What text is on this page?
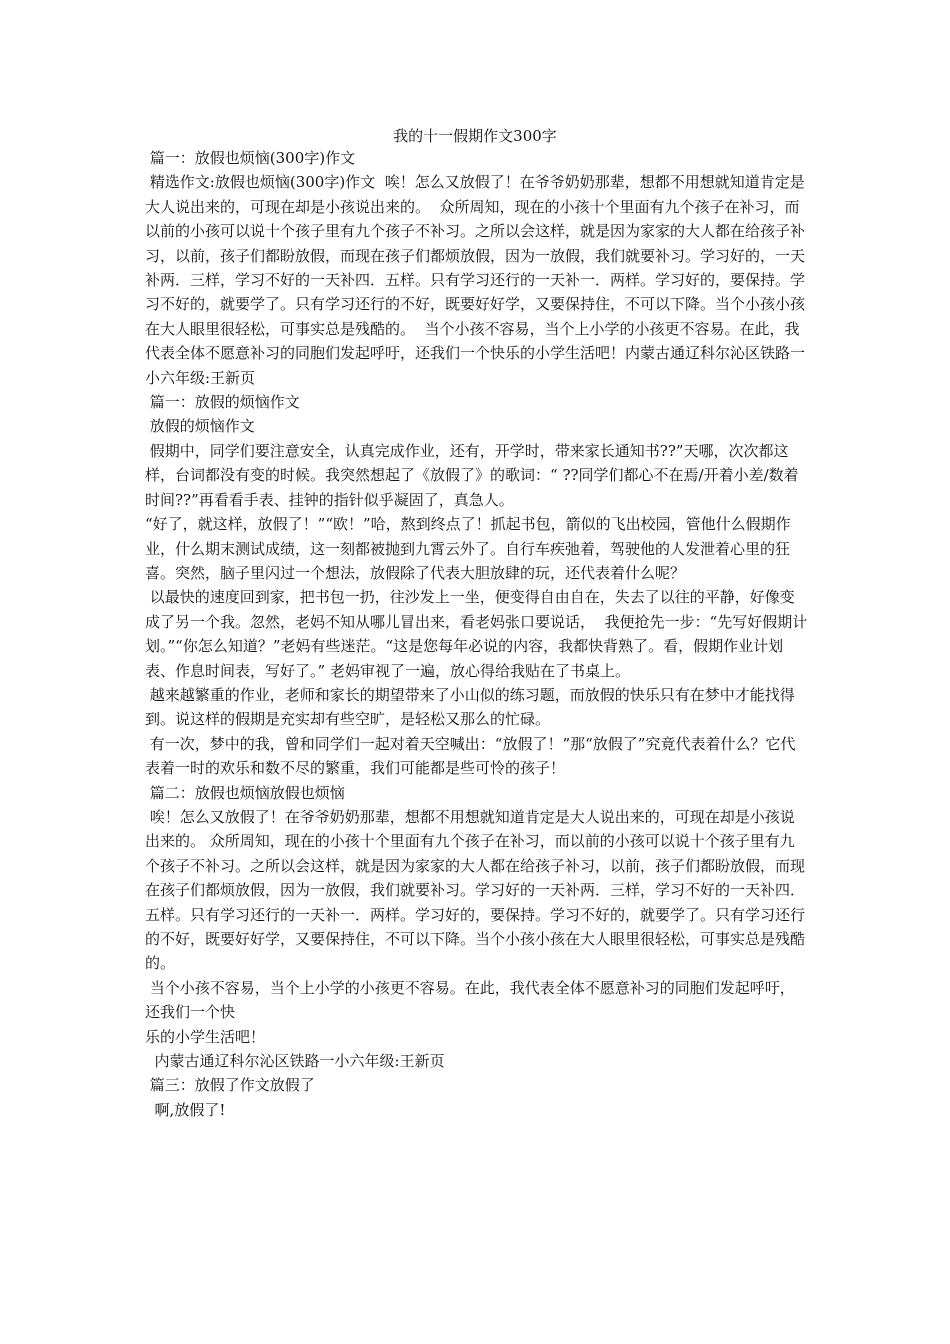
我的十一假期作文300字

篇一：放假也烦恼(300字)作文

精选作文:放假也烦恼(300字)作文  唉！怎么又放假了！在爷爷奶奶那辈，想都不用想就知道肯定是大人说出来的，可现在却是小孩说出来的。  众所周知，现在的小孩十个里面有九个孩子在补习，而以前的小孩可以说十个孩子里有九个孩子不补习。之所以会这样，就是因为家家的大人都在给孩子补习，以前，孩子们都盼放假，而现在孩子们都烦放假，因为一放假，我们就要补习。学习好的，一天补两．三样，学习不好的一天补四．五样。只有学习还行的一天补一．两样。学习好的，要保持。学习不好的，就要学了。只有学习还行的不好，既要好好学，又要保持住，不可以下降。当个小孩小孩在大人眼里很轻松，可事实总是残酷的。  当个小孩不容易，当个上小学的小孩更不容易。在此，我代表全体不愿意补习的同胞们发起呼吁，还我们一个快乐的小学生活吧！内蒙古通辽科尔沁区铁路一小六年级:王新页

篇一：放假的烦恼作文

放假的烦恼作文

假期中，同学们要注意安全，认真完成作业，还有，开学时，带来家长通知书??”天哪，次次都这样，台词都没有变的时候。我突然想起了《放假了》的歌词：“ ??同学们都心不在焉/开着小差/数着时间??”再看看手表、挂钟的指针似乎凝固了，真急人。

“好了，就这样，放假了！”“欧！”哈，熬到终点了！抓起书包，箭似的飞出校园，管他什么假期作业，什么期末测试成绩，这一刻都被抛到九霄云外了。自行车疾弛着，驾驶他的人发泄着心里的狂喜。突然，脑子里闪过一个想法，放假除了代表大胆放肆的玩，还代表着什么呢？

以最快的速度回到家，把书包一扔，往沙发上一坐，便变得自由自在，失去了以往的平静，好像变成了另一个我。忽然，老妈不知从哪儿冒出来，看老妈张口要说话，  我便抢先一步：“先写好假期计划。”“你怎么知道？”老妈有些迷茫。“这是您每年必说的内容，我都快背熟了。看，假期作业计划表、作息时间表，写好了。” 老妈审视了一遍，放心得给我贴在了书桌上。

越来越繁重的作业，老师和家长的期望带来了小山似的练习题，而放假的快乐只有在梦中才能找得到。说这样的假期是充实却有些空旷，是轻松又那么的忙碌。

有一次，梦中的我，曾和同学们一起对着天空喊出：“放假了！”那“放假了”究竟代表着什么？它代表着一时的欢乐和数不尽的繁重，我们可能都是些可怜的孩子！

篇二：放假也烦恼放假也烦恼

唉！怎么又放假了！在爷爷奶奶那辈，想都不用想就知道肯定是大人说出来的，可现在却是小孩说出来的。 众所周知，现在的小孩十个里面有九个孩子在补习，而以前的小孩可以说十个孩子里有九个孩子不补习。之所以会这样，就是因为家家的大人都在给孩子补习，以前，孩子们都盼放假，而现在孩子们都烦放假，因为一放假，我们就要补习。学习好的一天补两．三样，学习不好的一天补四．五样。只有学习还行的一天补一．两样。学习好的，要保持。学习不好的，就要学了。只有学习还行的不好，既要好好学，又要保持住，不可以下降。当个小孩小孩在大人眼里很轻松，可事实总是残酷的。

当个小孩不容易，当个上小学的小孩更不容易。在此，我代表全体不愿意补习的同胞们发起呼吁，还我们一个快

乐的小学生活吧！

内蒙古通辽科尔沁区铁路一小六年级:王新页

篇三：放假了作文放假了

啊,放假了!
